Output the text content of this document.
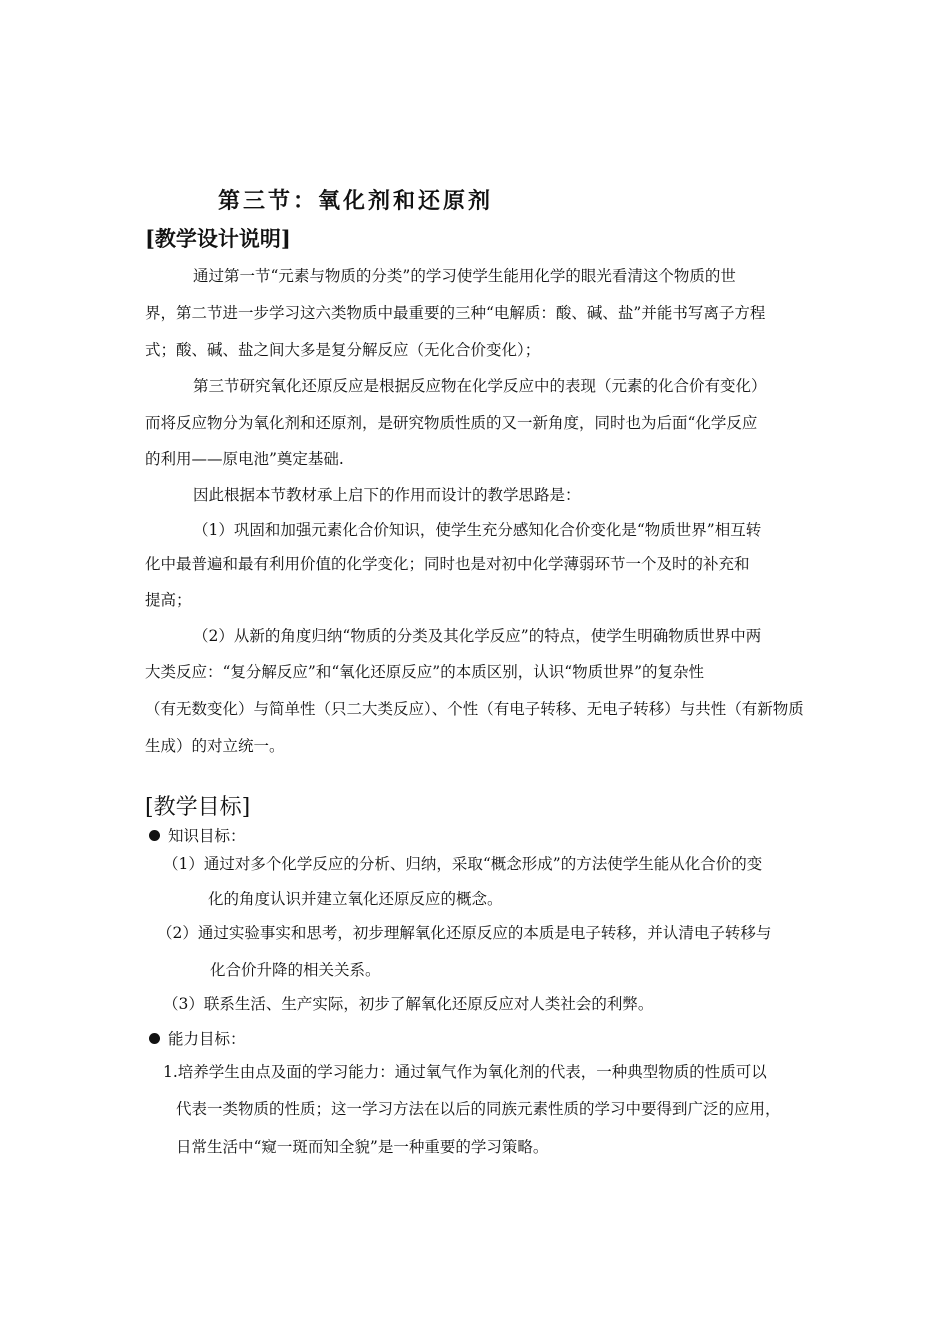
第三节：氧化剂和还原剂
[教学设计说明]
通过第一节“元素与物质的分类”的学习使学生能用化学的眼光看清这个物质的世
界，第二节进一步学习这六类物质中最重要的三种“电解质：酸、碱、盐”并能书写离子方程
式；酸、碱、盐之间大多是复分解反应（无化合价变化）；
第三节研究氧化还原反应是根据反应物在化学反应中的表现（元素的化合价有变化）
而将反应物分为氧化剂和还原剂，是研究物质性质的又一新角度，同时也为后面“化学反应
的利用——原电池”奠定基础.
因此根据本节教材承上启下的作用而设计的教学思路是：
（1）巩固和加强元素化合价知识，使学生充分感知化合价变化是“物质世界”相互转
化中最普遍和最有利用价值的化学变化；同时也是对初中化学薄弱环节一个及时的补充和
提高；
（2）从新的角度归纳“物质的分类及其化学反应”的特点，使学生明确物质世界中两
大类反应：“复分解反应”和“氧化还原反应”的本质区别，认识“物质世界”的复杂性
（有无数变化）与简单性（只二大类反应）、个性（有电子转移、无电子转移）与共性（有新物质
生成）的对立统一。
[教学目标]
知识目标：
（1）通过对多个化学反应的分析、归纳，采取“概念形成”的方法使学生能从化合价的变
化的角度认识并建立氧化还原反应的概念。
（2）通过实验事实和思考，初步理解氧化还原反应的本质是电子转移，并认清电子转移与
化合价升降的相关关系。
（3）联系生活、生产实际，初步了解氧化还原反应对人类社会的利弊。
能力目标：
1.培养学生由点及面的学习能力：通过氧气作为氧化剂的代表，一种典型物质的性质可以
代表一类物质的性质；这一学习方法在以后的同族元素性质的学习中要得到广泛的应用，
日常生活中“窥一斑而知全貌”是一种重要的学习策略。
